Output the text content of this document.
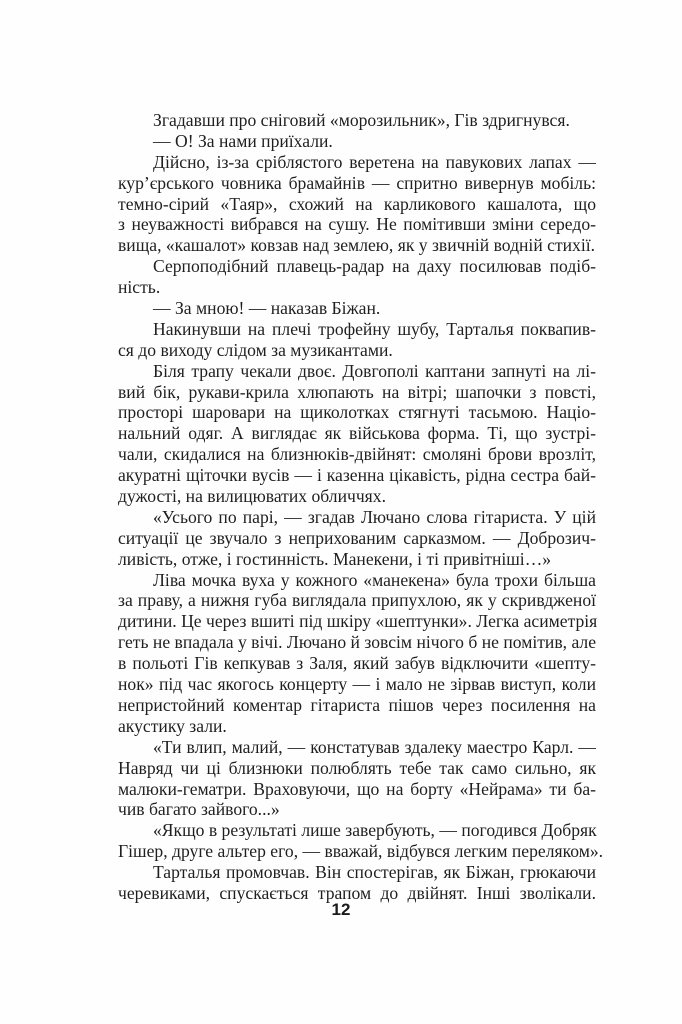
Згадавши про сніговий «морозильник», Гів здригнувся.
— О! За нами приїхали.
Дійсно, із-за сріблястого веретена на павукових лапах —
кур’єрського човника брамайнів — спритно вивернув мобіль:
темно-сірий «Таяр», схожий на карликового кашалота, що
з неуважності вибрався на сушу. Не помітивши зміни середо-
вища, «кашалот» ковзав над землею, як у звичній водній стихії.
Серпоподібний плавець-радар на даху посилював подіб-
ність.
— За мною! — наказав Біжан.
Накинувши на плечі трофейну шубу, Тарталья поквапив-
ся до виходу слідом за музикантами.
Біля трапу чекали двоє. Довгополі каптани запнуті на лі-
вий бік, рукави-крила хлюпають на вітрі; шапочки з повсті,
просторі шаровари на щиколотках стягнуті тасьмою. Націо-
нальний одяг. А виглядає як військова форма. Ті, що зустрі-
чали, скидалися на близнюків-двійнят: смоляні брови врозліт,
акуратні щіточки вусів — і казенна цікавість, рідна сестра бай-
дужості, на вилицюватих обличчях.
«Усього по парі, — згадав Лючано слова гітариста. У цій
ситуації це звучало з неприхованим сарказмом. — Доброзич-
ливість, отже, і гостинність. Манекени, і ті привітніші…»
Ліва мочка вуха у кожного «манекена» була трохи більша
за праву, а нижня губа виглядала припухлою, як у скривдженої
дитини. Це через вшиті під шкіру «шептунки». Легка асиметрія
геть не впадала у вічі. Лючано й зовсім нічого б не помітив, але
в польоті Гів кепкував з Заля, який забув відключити «шепту-
нок» під час якогось концерту — і мало не зірвав виступ, коли
непристойний коментар гітариста пішов через посилення на
акустику зали.
«Ти влип, малий, — констатував здалеку маестро Карл. —
Навряд чи ці близнюки полюблять тебе так само сильно, як
малюки-гематри. Враховуючи, що на борту «Нейрама» ти ба-
чив багато зайвого...»
«Якщо в результаті лише завербують, — погодився Добряк
Гішер, друге альтер его, — вважай, відбувся легким переляком».
Тарталья промовчав. Він спостерігав, як Біжан, грюкаючи
черевиками, спускається трапом до двійнят. Інші зволікали.
12
